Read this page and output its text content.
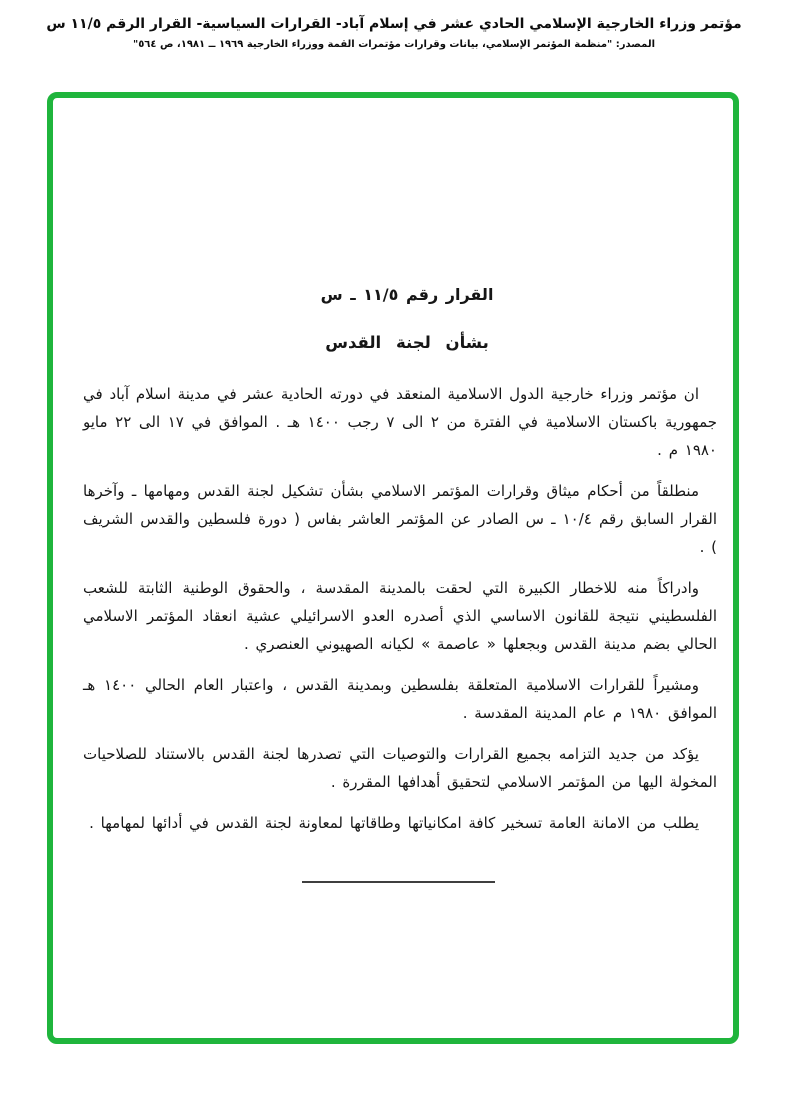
مؤتمر وزراء الخارجية الإسلامي الحادي عشر في إسلام آباد- القرارات السياسية- القرار الرقم ١١/٥ س
المصدر: "منظمة المؤتمر الإسلامي، بيانات وقرارات مؤتمرات القمة ووزراء الخارجية ١٩٦٩ ــ ١٩٨١، ص ٥٦٤"
القرار رقم ١١/٥ ـ س
بشأن لجنة القدس

ان مؤتمر وزراء خارجية الدول الاسلامية المنعقد في دورته الحادية عشر في مدينة اسلام آباد في جمهورية باكستان الاسلامية في الفترة من ٢ الى ٧ رجب ١٤٠٠ هـ . الموافق في ١٧ الى ٢٢ مايو ١٩٨٠ م .

منطلقاً من أحكام ميثاق وقرارات المؤتمر الاسلامي بشأن تشكيل لجنة القدس ومهامها ـ وآخرها القرار السابق رقم ١٠/٤ ـ س الصادر عن المؤتمر العاشر بفاس ( دورة فلسطين والقدس الشريف ) .

وادراكاً منه للاخطار الكبيرة التي لحقت بالمدينة المقدسة ، والحقوق الوطنية الثابتة للشعب الفلسطيني نتيجة للقانون الاساسي الذي أصدره العدو الاسرائيلي عشية انعقاد المؤتمر الاسلامي الحالي بضم مدينة القدس وبجعلها « عاصمة » لكيانه الصهيوني العنصري .

ومشيراً للقرارات الاسلامية المتعلقة بفلسطين وبمدينة القدس ، واعتبار العام الحالي ١٤٠٠ هـ الموافق ١٩٨٠ م عام المدينة المقدسة .

يؤكد من جديد التزامه بجميع القرارات والتوصيات التي تصدرها لجنة القدس بالاستناد للصلاحيات المخولة اليها من المؤتمر الاسلامي لتحقيق أهدافها المقررة .

يطلب من الامانة العامة تسخير كافة امكانياتها وطاقاتها لمعاونة لجنة القدس في أدائها لمهامها .
